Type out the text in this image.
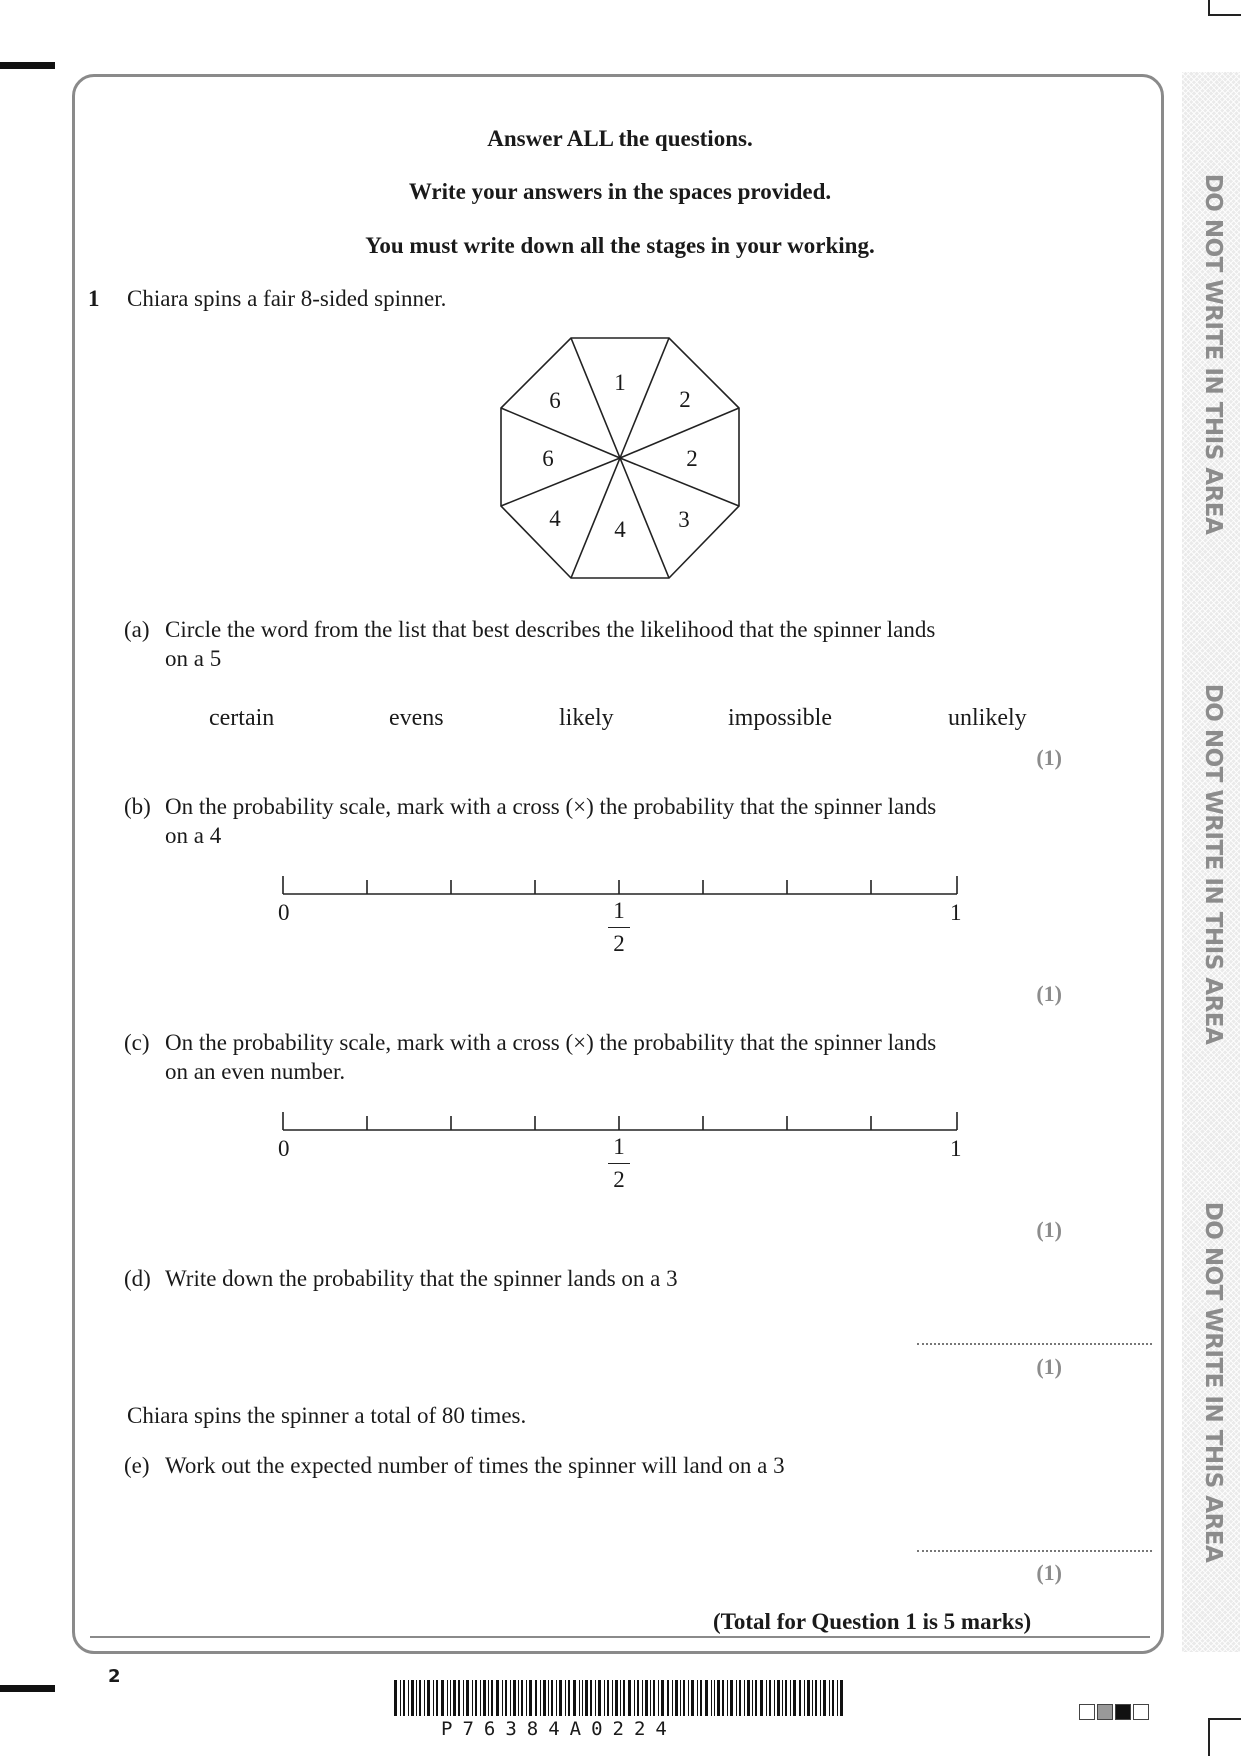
DO NOT WRITE IN THIS AREA
DO NOT WRITE IN THIS AREA
DO NOT WRITE IN THIS AREA
Answer ALL the questions.
Write your answers in the spaces provided.
You must write down all the stages in your working.
1 Chiara spins a fair 8-sided spinner.
1
2
2
3
4
4
6
6
(a) Circle the word from the list that best describes the likelihood that the spinner lands
on a 5
certain	evens	likely	impossible	unlikely
(1)
(b) On the probability scale, mark with a cross (×) the probability that the spinner lands
on a 4
0	1
2
1
(1)
(c) On the probability scale, mark with a cross (×) the probability that the spinner lands
on an even number.
0	1
2
1
(1)
(d) Write down the probability that the spinner lands on a 3
(1)
Chiara spins the spinner a total of 80 times.
(e) Work out the expected number of times the spinner will land on a 3
(1)
(Total for Question 1 is 5 marks)
2
P76384A0224
